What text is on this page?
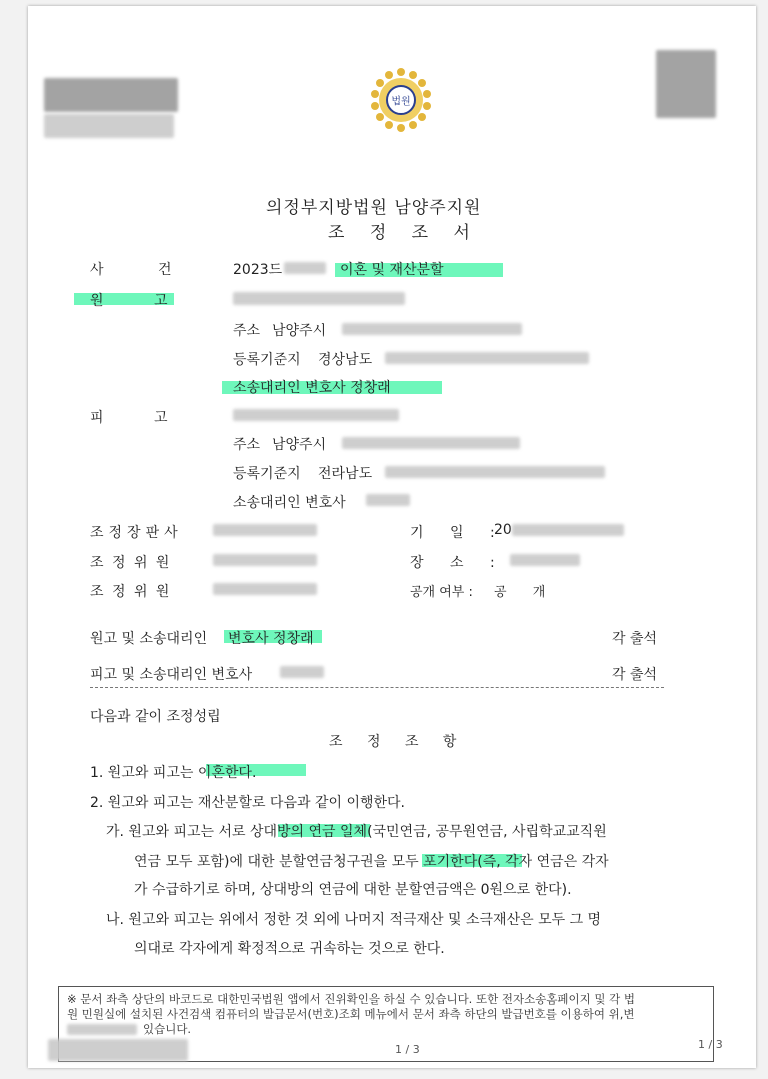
법원
의정부지방법원 남양주지원
조 정 조 서
사 건	2023드	이혼 및 재산분할
원 고
주소 남양주시
등록기준지 경상남도
소송대리인 변호사 정창래
피 고
주소 남양주시
등록기준지 전라남도
소송대리인 변호사
조정장판사	기 일 : 20
조 정 위 원	장 소 :
조 정 위 원	공개 여부 : 공 개
원고 및 소송대리인 변호사 정창래	각 출석
피고 및 소송대리인 변호사	각 출석
다음과 같이 조정성립
조 정 조 항
1. 원고와 피고는 이혼한다.
2. 원고와 피고는 재산분할로 다음과 같이 이행한다.
가. 원고와 피고는 서로 상대방의 연금 일체(국민연금, 공무원연금, 사립학교교직원
연금 모두 포함)에 대한 분할연금청구권을 모두 포기한다(즉, 각자 연금은 각자
가 수급하기로 하며, 상대방의 연금에 대한 분할연금액은 0원으로 한다).
나. 원고와 피고는 위에서 정한 것 외에 나머지 적극재산 및 소극재산은 모두 그 명
의대로 각자에게 확정적으로 귀속하는 것으로 한다.
※ 문서 좌측 상단의 바코드로 대한민국법원 앱에서 진위확인을 하실 수 있습니다. 또한 전자소송홈페이지 및 각 법
원 민원실에 설치된 사건검색 컴퓨터의 발급문서(번호)조회 메뉴에서 문서 좌측 하단의 발급번호를 이용하여 위,변
있습니다.
1 / 3	1 / 3
